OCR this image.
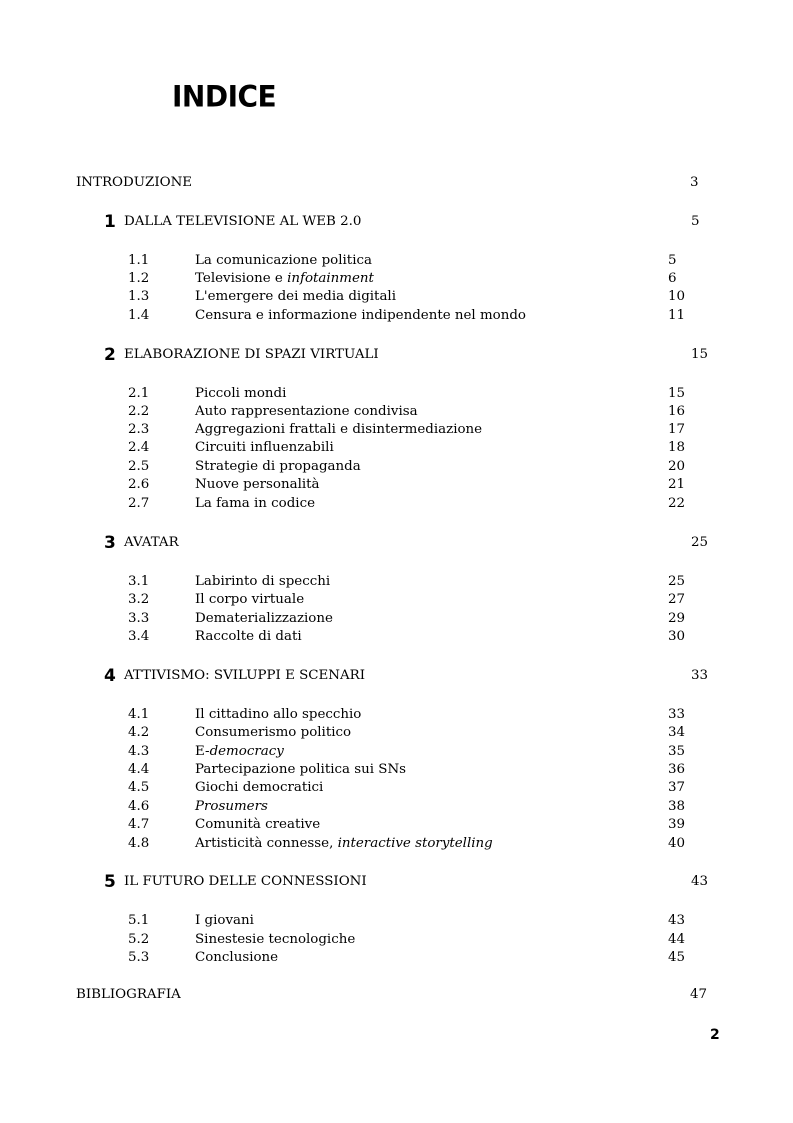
INDICE
INTRODUZIONE	3
1 DALLA TELEVISIONE AL WEB 2.0	5
1.1	La comunicazione politica	5
1.2	Televisione e infotainment	6
1.3	L'emergere dei media digitali	10
1.4	Censura e informazione indipendente nel mondo	11
2 ELABORAZIONE DI SPAZI VIRTUALI	15
2.1	Piccoli mondi	15
2.2	Auto rappresentazione condivisa	16
2.3	Aggregazioni frattali e disintermediazione	17
2.4	Circuiti influenzabili	18
2.5	Strategie di propaganda	20
2.6	Nuove personalità	21
2.7	La fama in codice	22
3 AVATAR	25
3.1	Labirinto di specchi	25
3.2	Il corpo virtuale	27
3.3	Dematerializzazione	29
3.4	Raccolte di dati	30
4 ATTIVISMO: SVILUPPI E SCENARI	33
4.1	Il cittadino allo specchio	33
4.2	Consumerismo politico	34
4.3	E-democracy	35
4.4	Partecipazione politica sui SNs	36
4.5	Giochi democratici	37
4.6	Prosumers	38
4.7	Comunità creative	39
4.8	Artisticità connesse, interactive storytelling	40
5 IL FUTURO DELLE CONNESSIONI	43
5.1	I giovani	43
5.2	Sinestesie tecnologiche	44
5.3	Conclusione	45
BIBLIOGRAFIA	47
2
